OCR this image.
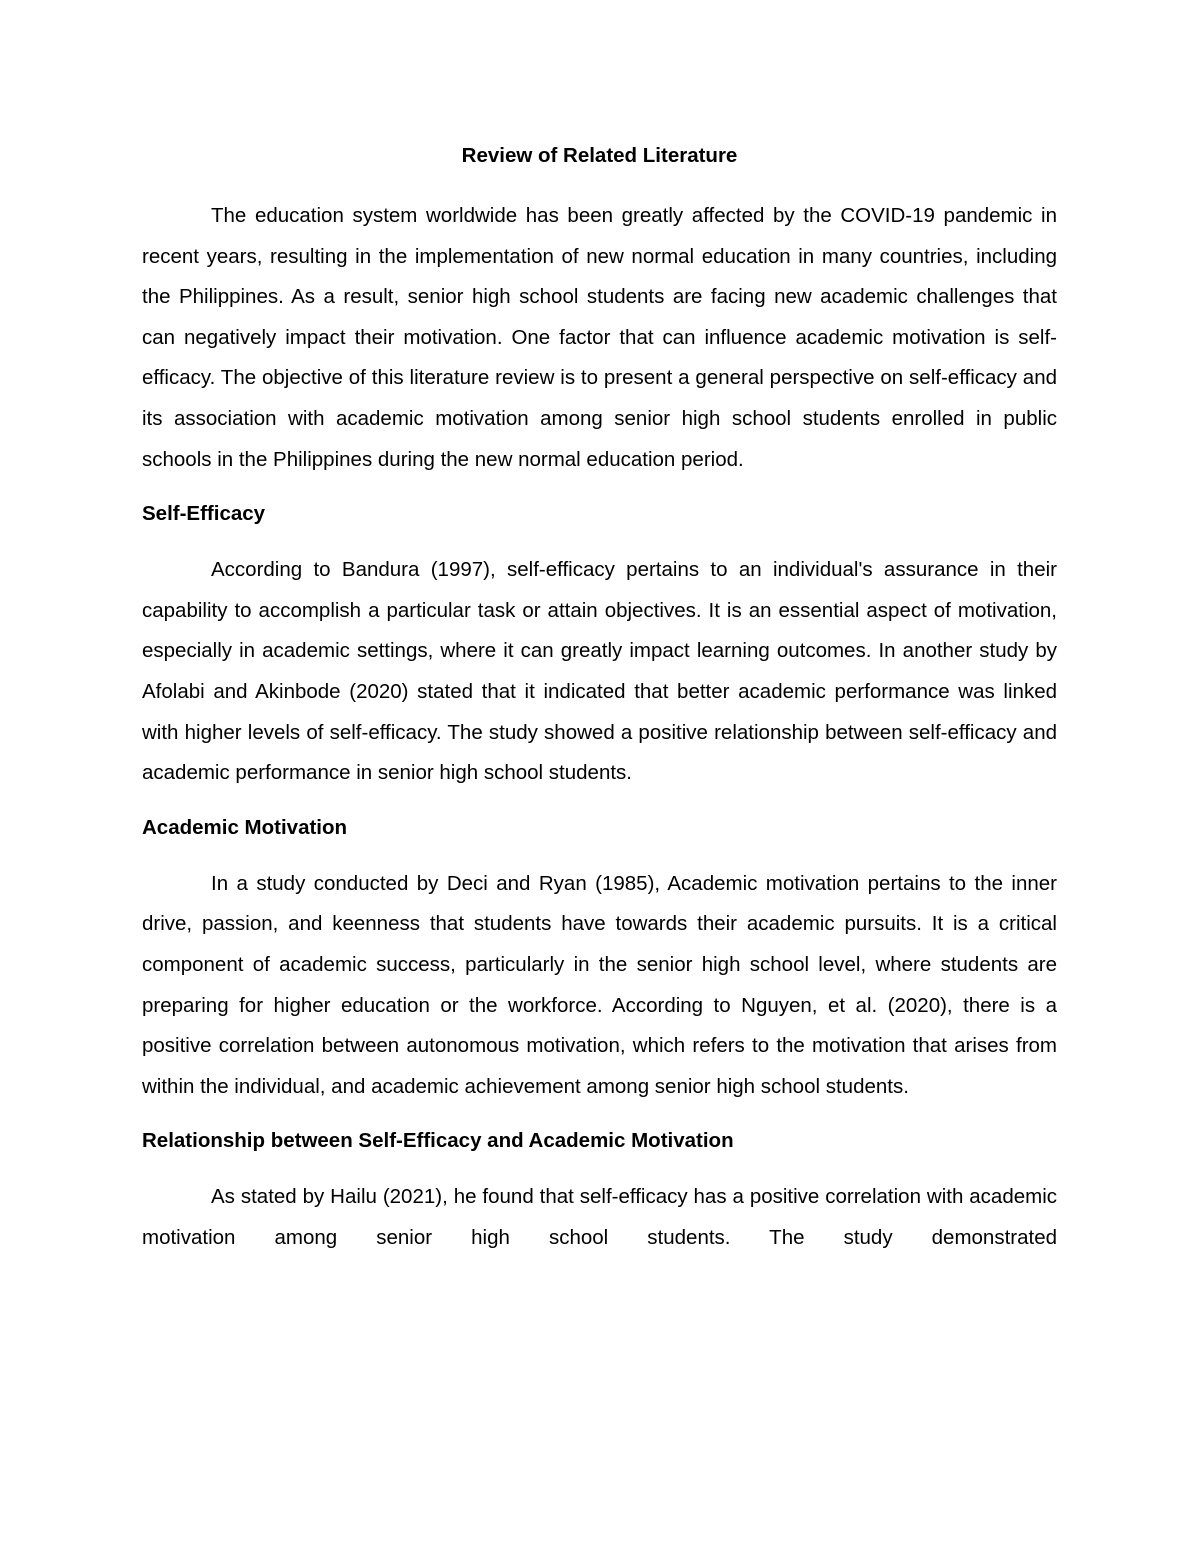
Review of Related Literature

The education system worldwide has been greatly affected by the COVID-19 pandemic in recent years, resulting in the implementation of new normal education in many countries, including the Philippines. As a result, senior high school students are facing new academic challenges that can negatively impact their motivation. One factor that can influence academic motivation is self-efficacy. The objective of this literature review is to present a general perspective on self-efficacy and its association with academic motivation among senior high school students enrolled in public schools in the Philippines during the new normal education period.

Self-Efficacy

According to Bandura (1997), self-efficacy pertains to an individual's assurance in their capability to accomplish a particular task or attain objectives. It is an essential aspect of motivation, especially in academic settings, where it can greatly impact learning outcomes. In another study by Afolabi and Akinbode (2020) stated that it indicated that better academic performance was linked with higher levels of self-efficacy. The study showed a positive relationship between self-efficacy and academic performance in senior high school students.

Academic Motivation

In a study conducted by Deci and Ryan (1985), Academic motivation pertains to the inner drive, passion, and keenness that students have towards their academic pursuits. It is a critical component of academic success, particularly in the senior high school level, where students are preparing for higher education or the workforce. According to Nguyen, et al. (2020), there is a positive correlation between autonomous motivation, which refers to the motivation that arises from within the individual, and academic achievement among senior high school students.

Relationship between Self-Efficacy and Academic Motivation

As stated by Hailu (2021), he found that self-efficacy has a positive correlation with academic motivation among senior high school students. The study demonstrated
